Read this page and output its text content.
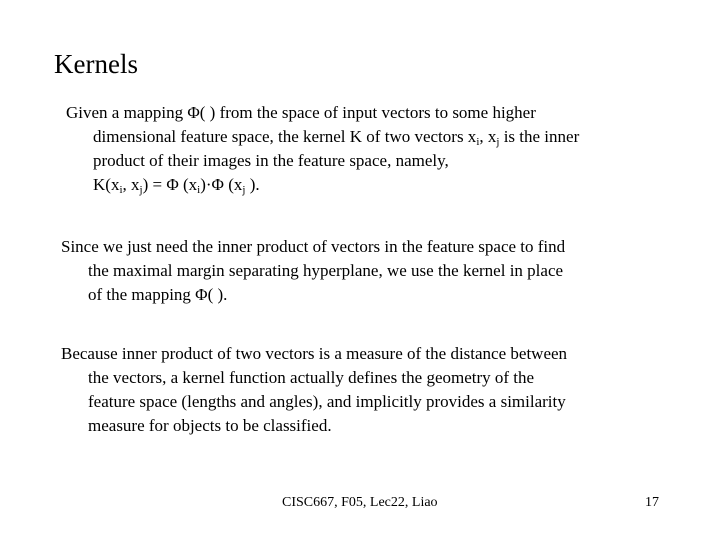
Kernels
Given a mapping Φ( ) from the space of input vectors to some higher
dimensional feature space, the kernel K of two vectors $x_i$, $x_j$ is the inner
product of their images in the feature space, namely,
$K(x_i$, $x_j) = \Phi$ $(x_i)\cdot\Phi$ ($x_j$ ).
Since we just need the inner product of vectors in the feature space to find
the maximal margin separating hyperplane, we use the kernel in place
of the mapping Φ( ).
Because inner product of two vectors is a measure of the distance between
the vectors, a kernel function actually defines the geometry of the
feature space (lengths and angles), and implicitly provides a similarity
measure for objects to be classified.
CISC667, F05, Lec22, Liao	17
